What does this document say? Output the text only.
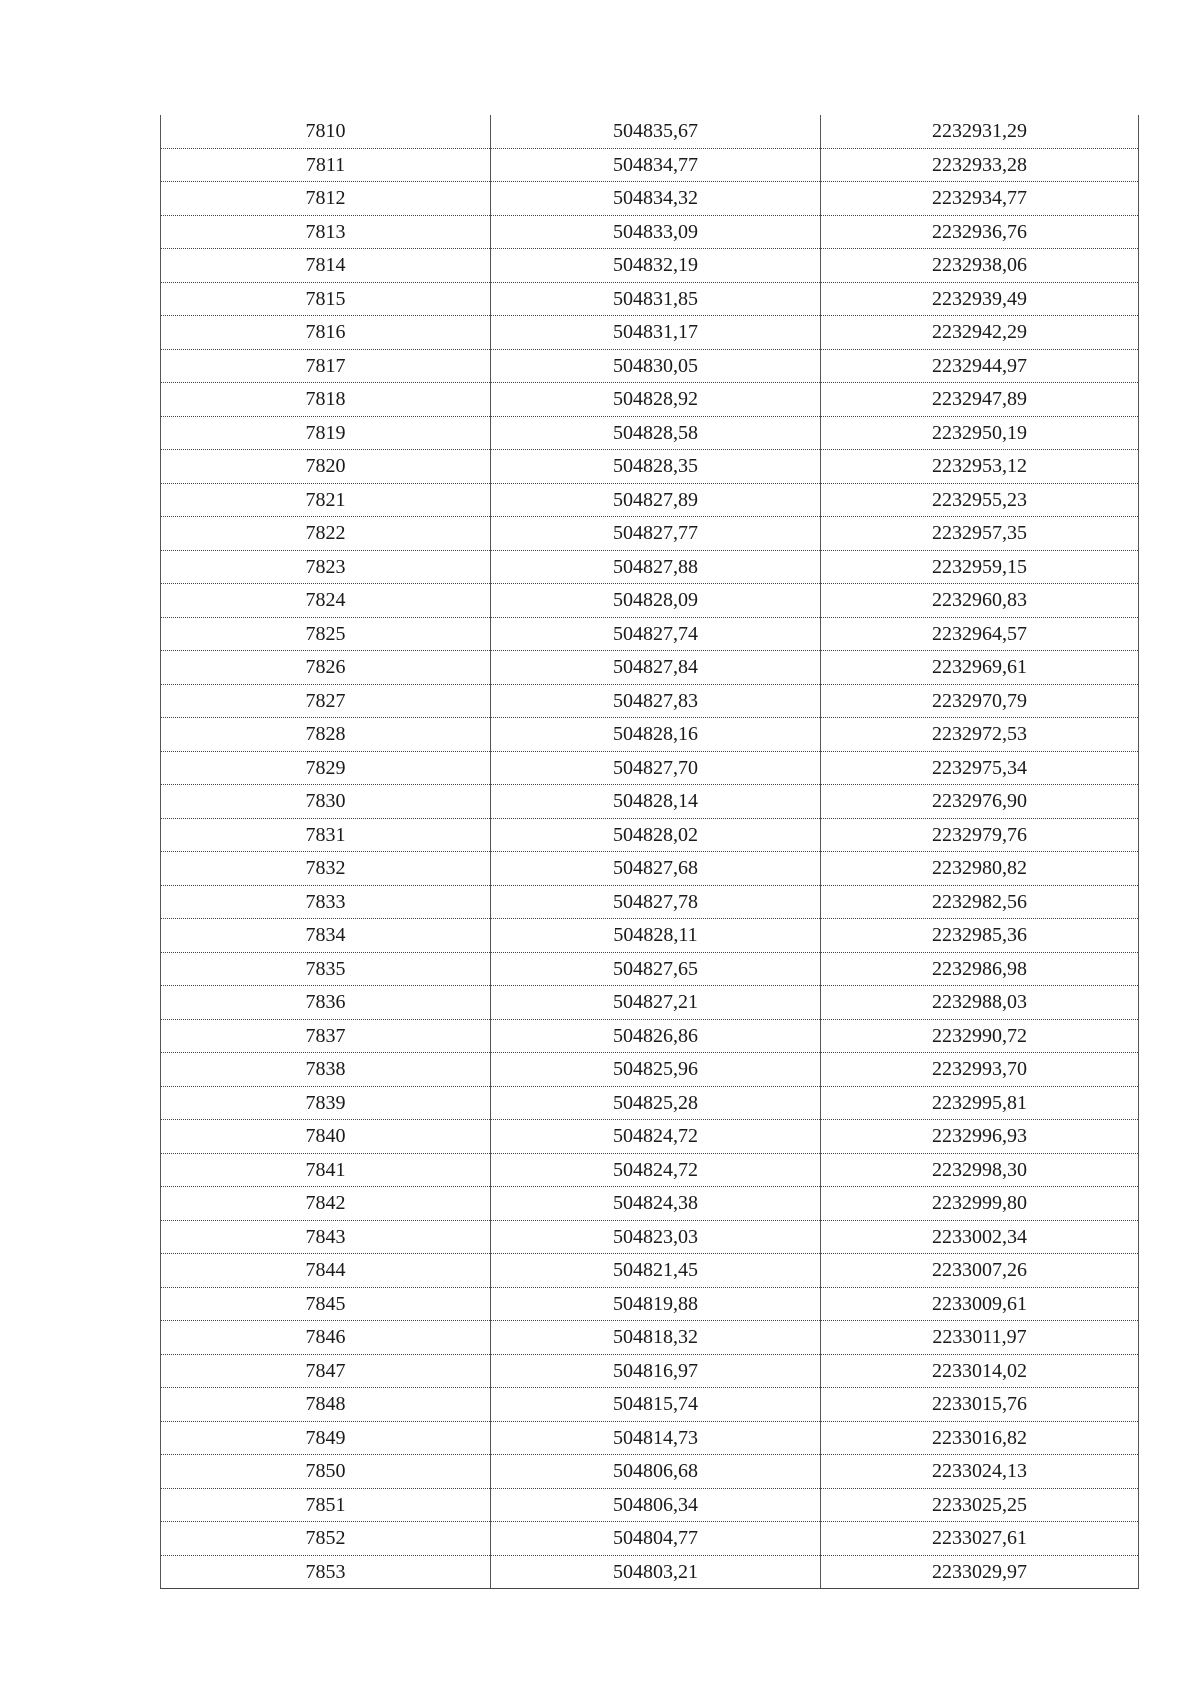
7810	504835,67	2232931,29
7811	504834,77	2232933,28
7812	504834,32	2232934,77
7813	504833,09	2232936,76
7814	504832,19	2232938,06
7815	504831,85	2232939,49
7816	504831,17	2232942,29
7817	504830,05	2232944,97
7818	504828,92	2232947,89
7819	504828,58	2232950,19
7820	504828,35	2232953,12
7821	504827,89	2232955,23
7822	504827,77	2232957,35
7823	504827,88	2232959,15
7824	504828,09	2232960,83
7825	504827,74	2232964,57
7826	504827,84	2232969,61
7827	504827,83	2232970,79
7828	504828,16	2232972,53
7829	504827,70	2232975,34
7830	504828,14	2232976,90
7831	504828,02	2232979,76
7832	504827,68	2232980,82
7833	504827,78	2232982,56
7834	504828,11	2232985,36
7835	504827,65	2232986,98
7836	504827,21	2232988,03
7837	504826,86	2232990,72
7838	504825,96	2232993,70
7839	504825,28	2232995,81
7840	504824,72	2232996,93
7841	504824,72	2232998,30
7842	504824,38	2232999,80
7843	504823,03	2233002,34
7844	504821,45	2233007,26
7845	504819,88	2233009,61
7846	504818,32	2233011,97
7847	504816,97	2233014,02
7848	504815,74	2233015,76
7849	504814,73	2233016,82
7850	504806,68	2233024,13
7851	504806,34	2233025,25
7852	504804,77	2233027,61
7853	504803,21	2233029,97
